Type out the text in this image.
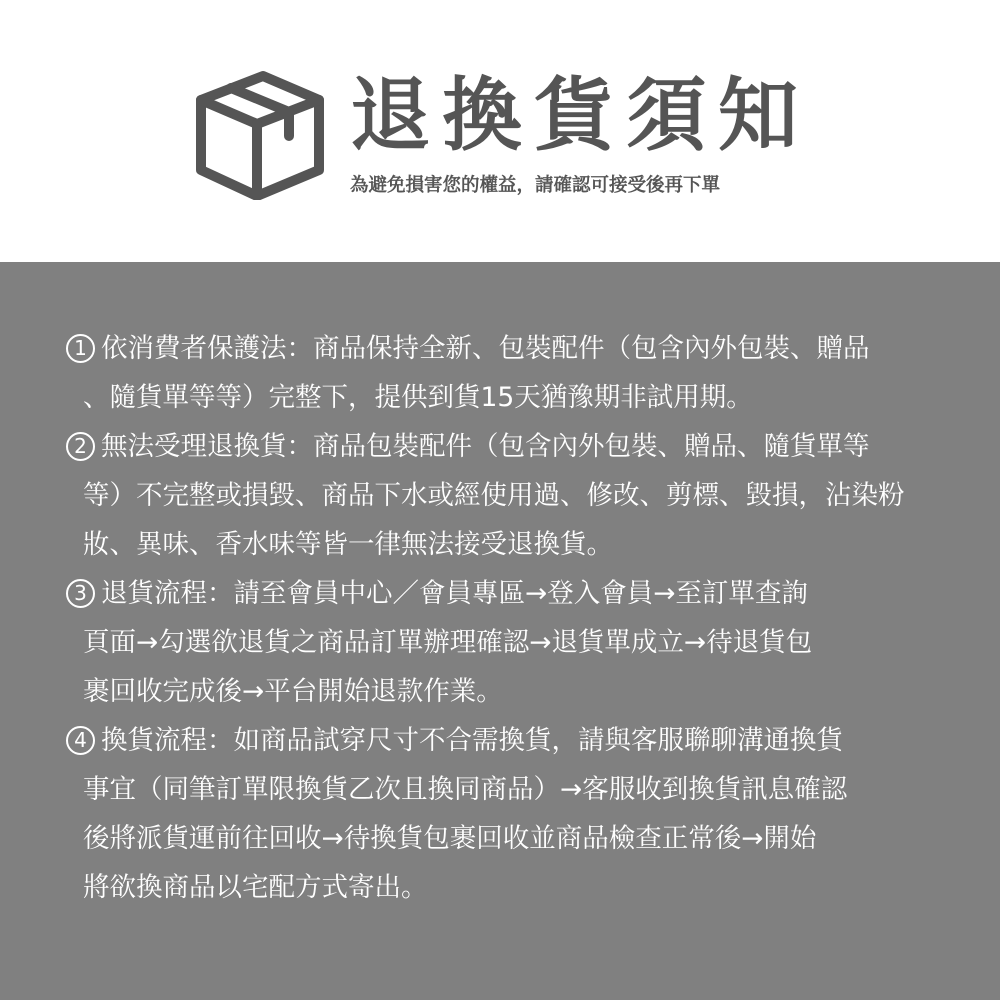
退換貨須知
為避免損害您的權益，請確認可接受後再下單
1 依消費者保護法：商品保持全新、包裝配件（包含內外包裝、贈品
、隨貨單等等）完整下，提供到貨15天猶豫期非試用期。
2 無法受理退換貨：商品包裝配件（包含內外包裝、贈品、隨貨單等
等）不完整或損毀、商品下水或經使用過、修改、剪標、毀損，沾染粉
妝、異味、香水味等皆一律無法接受退換貨。
3 退貨流程：請至會員中心／會員專區→登入會員→至訂單查詢
頁面→勾選欲退貨之商品訂單辦理確認→退貨單成立→待退貨包
裹回收完成後→平台開始退款作業。
4 換貨流程：如商品試穿尺寸不合需換貨，請與客服聯聊溝通換貨
事宜（同筆訂單限換貨乙次且換同商品）→客服收到換貨訊息確認
後將派貨運前往回收→待換貨包裹回收並商品檢查正常後→開始
將欲換商品以宅配方式寄出。
